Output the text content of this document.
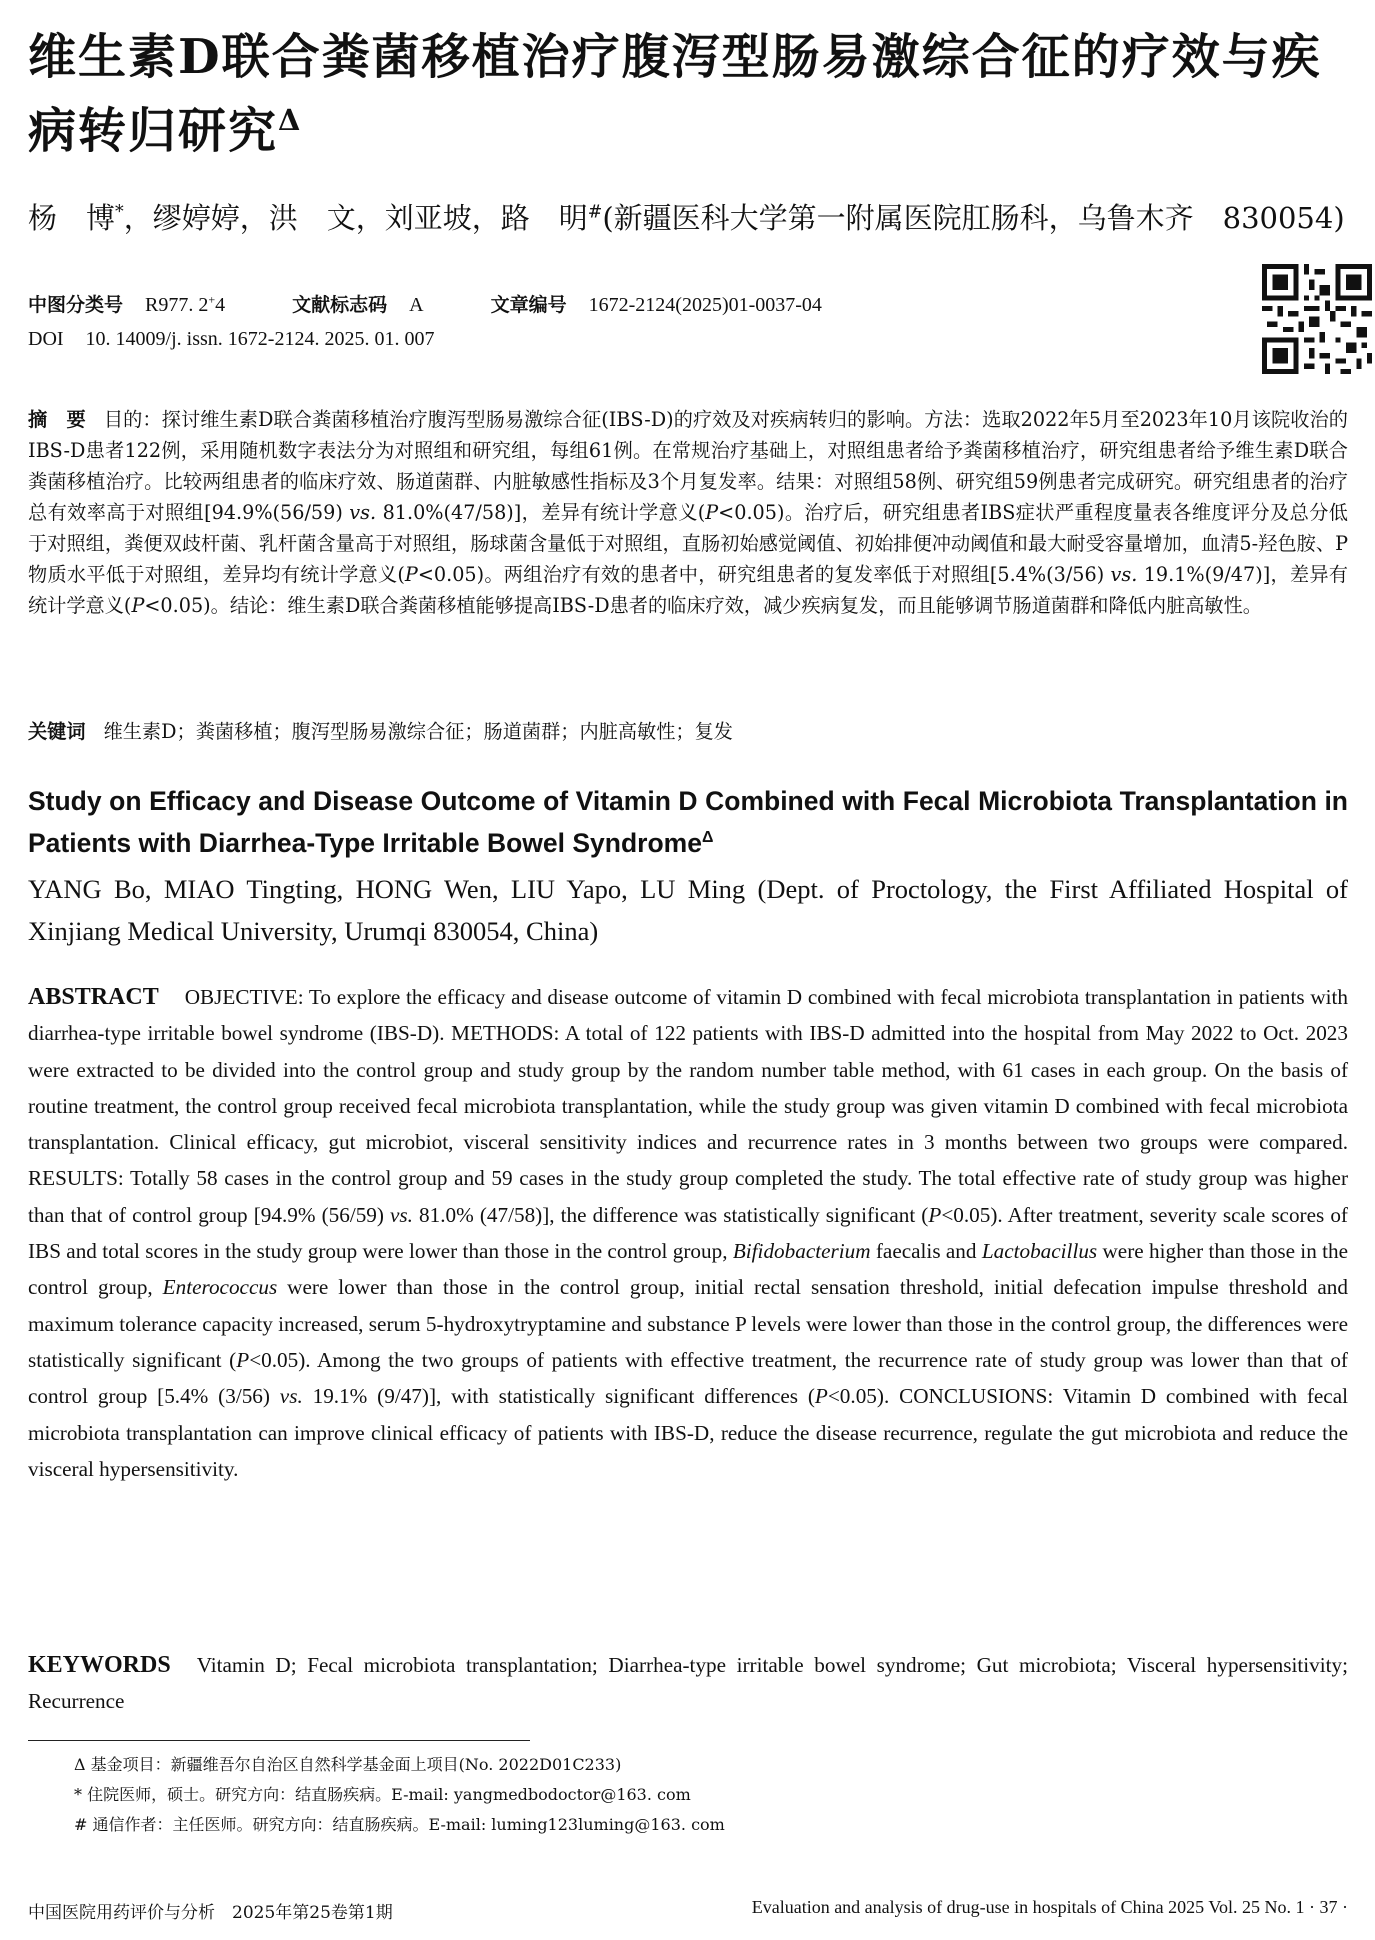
维生素D联合粪菌移植治疗腹泻型肠易激综合征的疗效与疾病转归研究$^\Delta$
杨　博*，缪婷婷，洪　文，刘亚坡，路　明#(新疆医科大学第一附属医院肛肠科，乌鲁木齐　830054)
中图分类号 R977. 2+4	文献标志码 A	文章编号 1672-2124(2025)01-0037-04
DOI 10. 14009/j. issn. 1672-2124. 2025. 01. 007

摘　要 目的：探讨维生素D联合粪菌移植治疗腹泻型肠易激综合征(IBS-D)的疗效及对疾病转归的影响。方法：选取2022年5月至2023年10月该院收治的IBS-D患者122例，采用随机数字表法分为对照组和研究组，每组61例。在常规治疗基础上，对照组患者给予粪菌移植治疗，研究组患者给予维生素D联合粪菌移植治疗。比较两组患者的临床疗效、肠道菌群、内脏敏感性指标及3个月复发率。结果：对照组58例、研究组59例患者完成研究。研究组患者的治疗总有效率高于对照组[94.9%(56/59) vs. 81.0%(47/58)]，差异有统计学意义(P<0.05)。治疗后，研究组患者IBS症状严重程度量表各维度评分及总分低于对照组，粪便双歧杆菌、乳杆菌含量高于对照组，肠球菌含量低于对照组，直肠初始感觉阈值、初始排便冲动阈值和最大耐受容量增加，血清5-羟色胺、P物质水平低于对照组，差异均有统计学意义(P<0.05)。两组治疗有效的患者中，研究组患者的复发率低于对照组[5.4%(3/56) vs. 19.1%(9/47)]，差异有统计学意义(P<0.05)。结论：维生素D联合粪菌移植能够提高IBS-D患者的临床疗效，减少疾病复发，而且能够调节肠道菌群和降低内脏高敏性。

关键词 维生素D；粪菌移植；腹泻型肠易激综合征；肠道菌群；内脏高敏性；复发
Study on Efficacy and Disease Outcome of Vitamin D Combined with Fecal Microbiota Transplantation in Patients with Diarrhea-Type Irritable Bowel Syndrome$^\Delta$

YANG Bo, MIAO Tingting, HONG Wen, LIU Yapo, LU Ming (Dept. of Proctology, the First Affiliated Hospital of Xinjiang Medical University, Urumqi 830054, China)

ABSTRACT OBJECTIVE: To explore the efficacy and disease outcome of vitamin D combined with fecal microbiota transplantation in patients with diarrhea-type irritable bowel syndrome (IBS-D). METHODS: A total of 122 patients with IBS-D admitted into the hospital from May 2022 to Oct. 2023 were extracted to be divided into the control group and study group by the random number table method, with 61 cases in each group. On the basis of routine treatment, the control group received fecal microbiota transplantation, while the study group was given vitamin D combined with fecal microbiota transplantation. Clinical efficacy, gut microbiot, visceral sensitivity indices and recurrence rates in 3 months between two groups were compared. RESULTS: Totally 58 cases in the control group and 59 cases in the study group completed the study. The total effective rate of study group was higher than that of control group [94.9% (56/59) vs. 81.0% (47/58)], the difference was statistically significant (P<0.05). After treatment, severity scale scores of IBS and total scores in the study group were lower than those in the control group, Bifidobacterium faecalis and Lactobacillus were higher than those in the control group, Enterococcus were lower than those in the control group, initial rectal sensation threshold, initial defecation impulse threshold and maximum tolerance capacity increased, serum 5-hydroxytryptamine and substance P levels were lower than those in the control group, the differences were statistically significant (P<0.05). Among the two groups of patients with effective treatment, the recurrence rate of study group was lower than that of control group [5.4% (3/56) vs. 19.1% (9/47)], with statistically significant differences (P<0.05). CONCLUSIONS: Vitamin D combined with fecal microbiota transplantation can improve clinical efficacy of patients with IBS-D, reduce the disease recurrence, regulate the gut microbiota and reduce the visceral hypersensitivity.

KEYWORDS Vitamin D; Fecal microbiota transplantation; Diarrhea-type irritable bowel syndrome; Gut microbiota; Visceral hypersensitivity; Recurrence

Δ 基金项目：新疆维吾尔自治区自然科学基金面上项目(No. 2022D01C233)
* 住院医师，硕士。研究方向：结直肠疾病。E-mail: yangmedbodoctor@163. com
# 通信作者：主任医师。研究方向：结直肠疾病。E-mail: luming123luming@163. com
中国医院用药评价与分析　2025年第25卷第1期	Evaluation and analysis of drug-use in hospitals of China 2025 Vol. 25 No. 1 · 37 ·
